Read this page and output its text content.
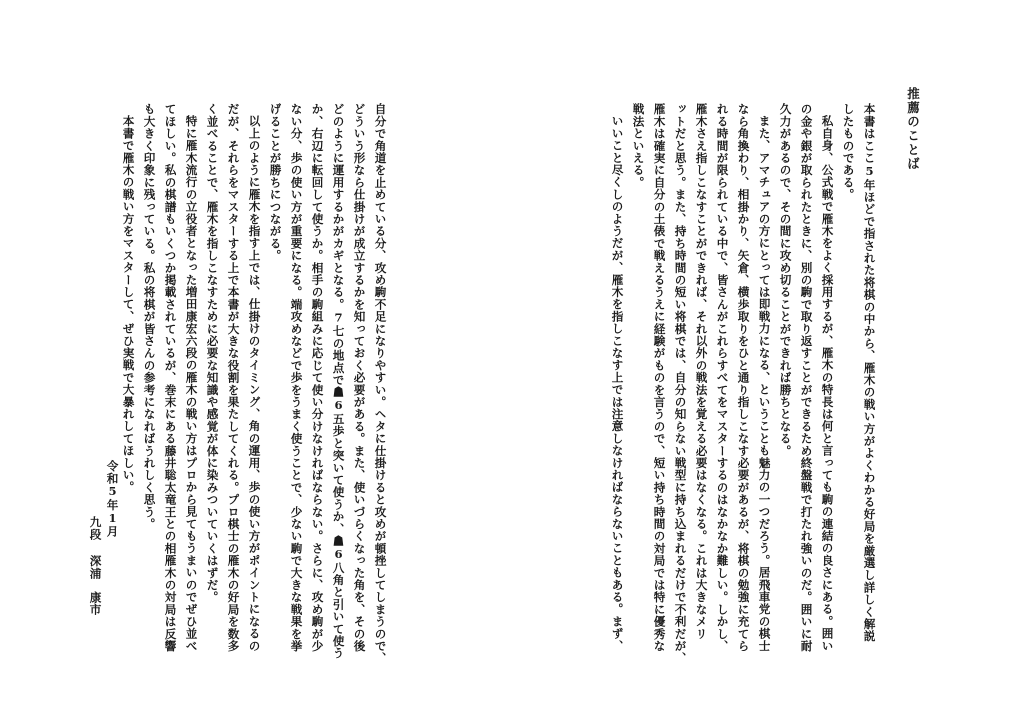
推薦のことば
本書はここ5年ほどで指された将棋の中から、雁木の戦い方がよくわかる好局を厳選し詳しく解説
したものである。
私自身、公式戦で雁木をよく採用するが、雁木の特長は何と言っても駒の連結の良さにある。囲い
の金や銀が取られたときに、別の駒で取り返すことができるため終盤戦で打たれ強いのだ。囲いに耐
久力があるので、その間に攻め切ることができれば勝ちとなる。
また、アマチュアの方にとっては即戦力になる、ということも魅力の一つだろう。居飛車党の棋士
なら角換わり、相掛かり、矢倉、横歩取りをひと通り指しこなす必要があるが、将棋の勉強に充てら
れる時間が限られている中で、皆さんがこれらすべてをマスターするのはなかなか難しい。しかし、
雁木さえ指しこなすことができれば、それ以外の戦法を覚える必要はなくなる。これは大きなメリ
ットだと思う。また、持ち時間の短い将棋では、自分の知らない戦型に持ち込まれるだけで不利だが、
雁木は確実に自分の土俵で戦えるうえに経験がものを言うので、短い持ち時間の対局では特に優秀な
戦法といえる。
いいこと尽くしのようだが、雁木を指しこなす上では注意しなければならないこともある。まず、
自分で角道を止めている分、攻め駒不足になりやすい。ヘタに仕掛けると攻めが頓挫してしまうので、
どういう形なら仕掛けが成立するかを知っておく必要がある。また、使いづらくなった角を、その後
どのように運用するかがカギとなる。7七の地点で☗6五歩と突いて使うか、☗6八角と引いて使う
か、右辺に転回して使うか。相手の駒組みに応じて使い分けなければならない。さらに、攻め駒が少
ない分、歩の使い方が重要になる。端攻めなどで歩をうまく使うことで、少ない駒で大きな戦果を挙
げることが勝ちにつながる。
以上のように雁木を指す上では、仕掛けのタイミング、角の運用、歩の使い方がポイントになるの
だが、それらをマスターする上で本書が大きな役割を果たしてくれる。プロ棋士の雁木の好局を数多
く並べることで、雁木を指しこなすために必要な知識や感覚が体に染みついていくはずだ。
特に雁木流行の立役者となった増田康宏六段の雁木の戦い方はプロから見てもうまいのでぜひ並べ
てほしい。私の棋譜もいくつか掲載されているが、巻末にある藤井聡太竜王との相雁木の対局は反響
も大きく印象に残っている。私の将棋が皆さんの参考になればうれしく思う。
本書で雁木の戦い方をマスターして、ぜひ実戦で大暴れしてほしい。
令和5年1月
九段
深浦　康市
